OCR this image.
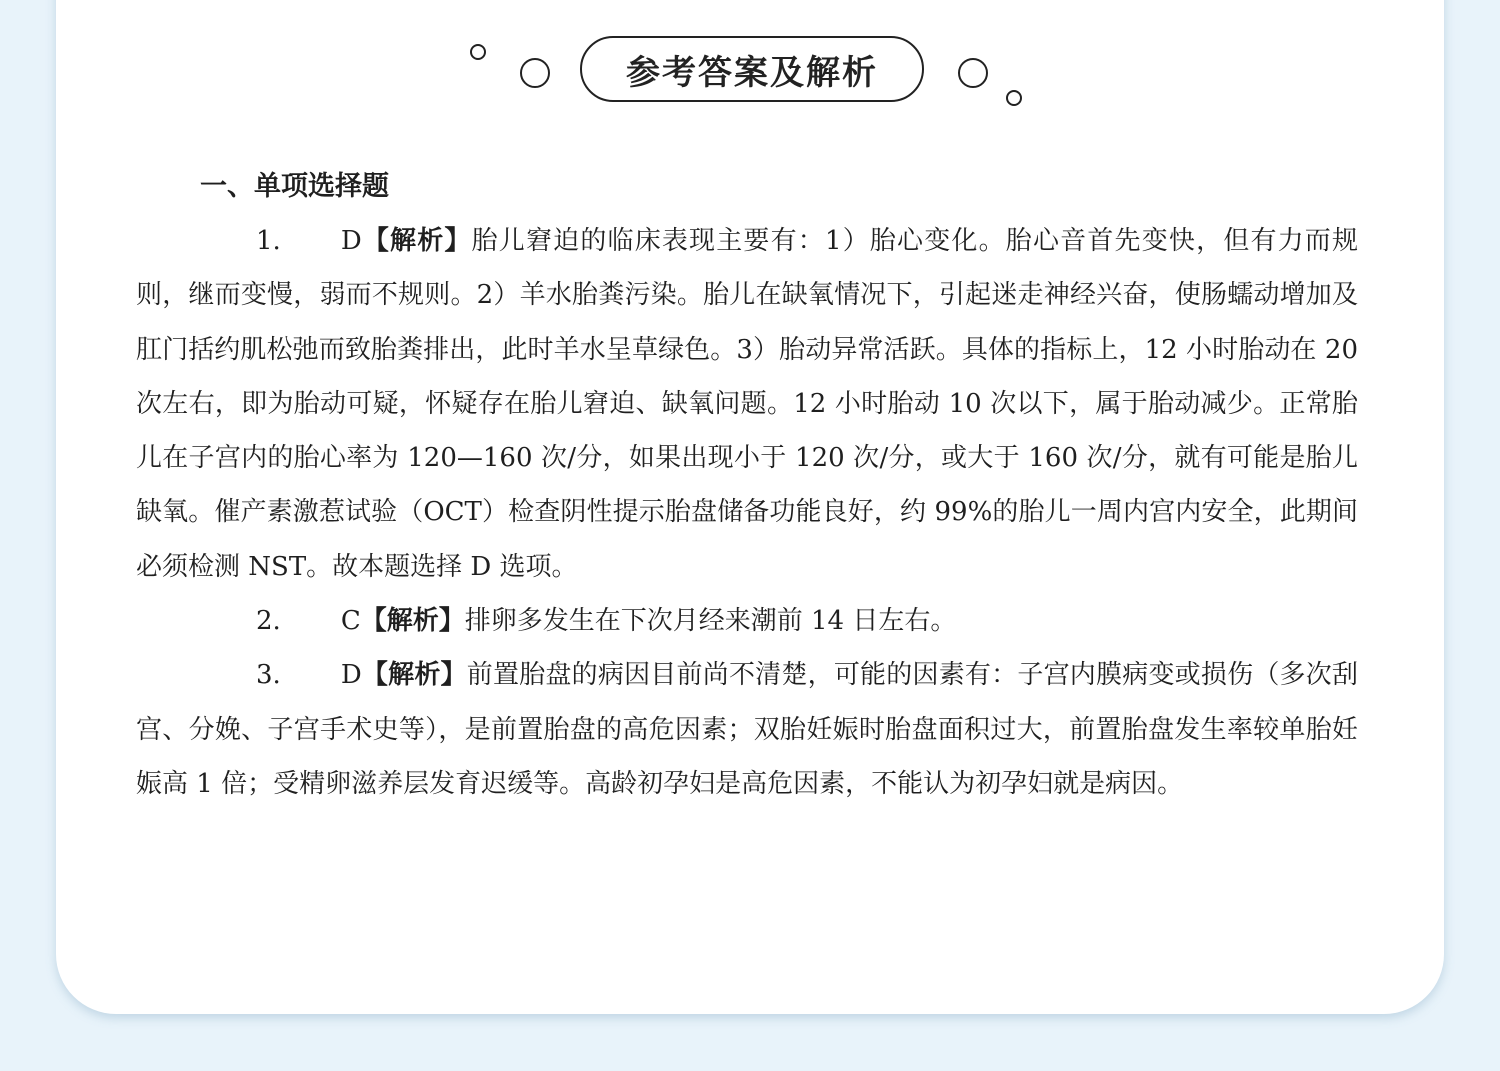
参考答案及解析
一、单项选择题

1. D【解析】胎儿窘迫的临床表现主要有：1）胎心变化。胎心音首先变快，但有力而规则，继而变慢，弱而不规则。2）羊水胎粪污染。胎儿在缺氧情况下，引起迷走神经兴奋，使肠蠕动增加及肛门括约肌松弛而致胎粪排出，此时羊水呈草绿色。3）胎动异常活跃。具体的指标上，12 小时胎动在 20 次左右，即为胎动可疑，怀疑存在胎儿窘迫、缺氧问题。12 小时胎动 10 次以下，属于胎动减少。正常胎儿在子宫内的胎心率为 120—160 次/分，如果出现小于 120 次/分，或大于 160 次/分，就有可能是胎儿缺氧。催产素激惹试验（OCT）检查阴性提示胎盘储备功能良好，约 99%的胎儿一周内宫内安全，此期间必须检测 NST。故本题选择 D 选项。

2. C【解析】排卵多发生在下次月经来潮前 14 日左右。

3. D【解析】前置胎盘的病因目前尚不清楚，可能的因素有：子宫内膜病变或损伤（多次刮宫、分娩、子宫手术史等），是前置胎盘的高危因素；双胎妊娠时胎盘面积过大，前置胎盘发生率较单胎妊娠高 1 倍；受精卵滋养层发育迟缓等。高龄初孕妇是高危因素，不能认为初孕妇就是病因。
